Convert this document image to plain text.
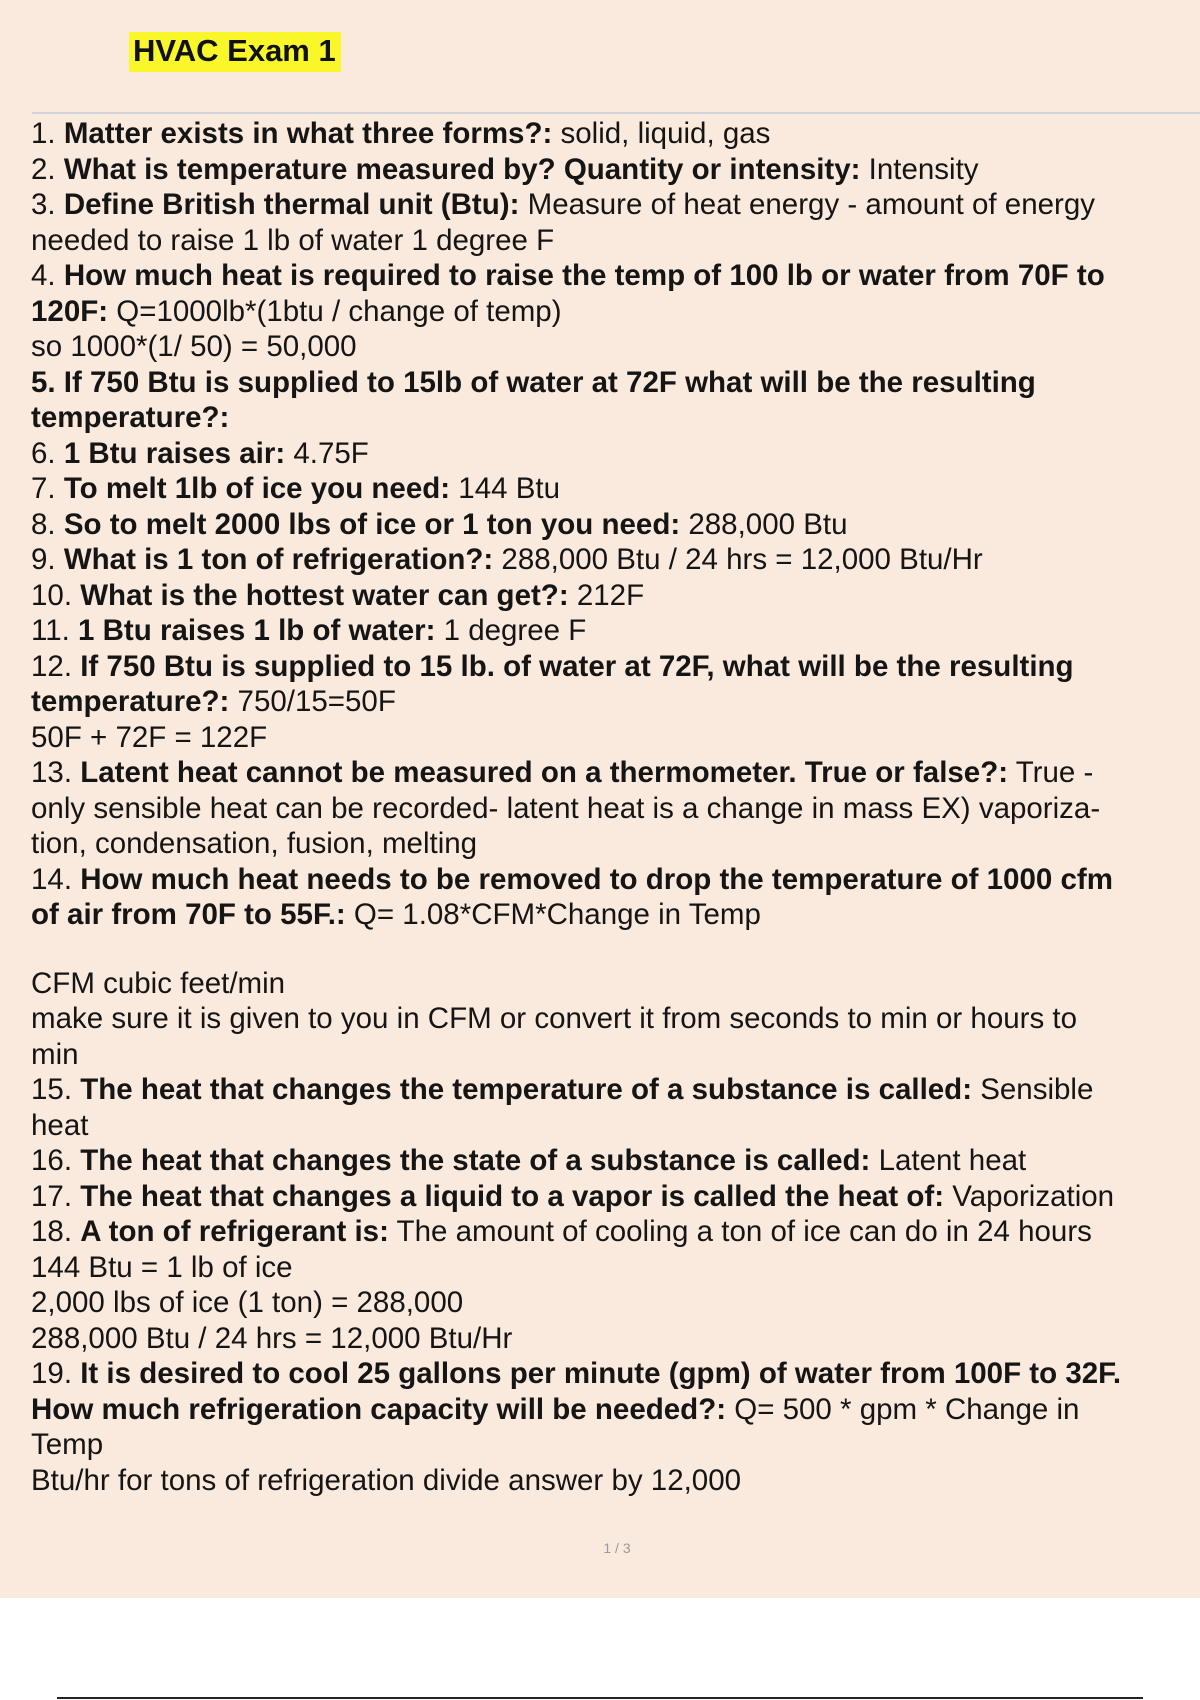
HVAC Exam 1
1. Matter exists in what three forms?: solid, liquid, gas
2. What is temperature measured by? Quantity or intensity: Intensity
3. Define British thermal unit (Btu): Measure of heat energy - amount of energy
needed to raise 1 lb of water 1 degree F
4. How much heat is required to raise the temp of 100 lb or water from 70F to
120F: Q=1000lb*(1btu / change of temp)
so 1000*(1/ 50) = 50,000
5. If 750 Btu is supplied to 15lb of water at 72F what will be the resulting
temperature?:
6. 1 Btu raises air: 4.75F
7. To melt 1lb of ice you need: 144 Btu
8. So to melt 2000 lbs of ice or 1 ton you need: 288,000 Btu
9. What is 1 ton of refrigeration?: 288,000 Btu / 24 hrs = 12,000 Btu/Hr
10. What is the hottest water can get?: 212F
11. 1 Btu raises 1 lb of water: 1 degree F
12. If 750 Btu is supplied to 15 lb. of water at 72F, what will be the resulting
temperature?: 750/15=50F
50F + 72F = 122F
13. Latent heat cannot be measured on a thermometer. True or false?: True -
only sensible heat can be recorded- latent heat is a change in mass EX) vaporiza-
tion, condensation, fusion, melting
14. How much heat needs to be removed to drop the temperature of 1000 cfm
of air from 70F to 55F.: Q= 1.08*CFM*Change in Temp
CFM cubic feet/min
make sure it is given to you in CFM or convert it from seconds to min or hours to
min
15. The heat that changes the temperature of a substance is called: Sensible
heat
16. The heat that changes the state of a substance is called: Latent heat
17. The heat that changes a liquid to a vapor is called the heat of: Vaporization
18. A ton of refrigerant is: The amount of cooling a ton of ice can do in 24 hours
144 Btu = 1 lb of ice
2,000 lbs of ice (1 ton) = 288,000
288,000 Btu / 24 hrs = 12,000 Btu/Hr
19. It is desired to cool 25 gallons per minute (gpm) of water from 100F to 32F.
How much refrigeration capacity will be needed?: Q= 500 * gpm * Change in
Temp
Btu/hr for tons of refrigeration divide answer by 12,000
1 / 3
